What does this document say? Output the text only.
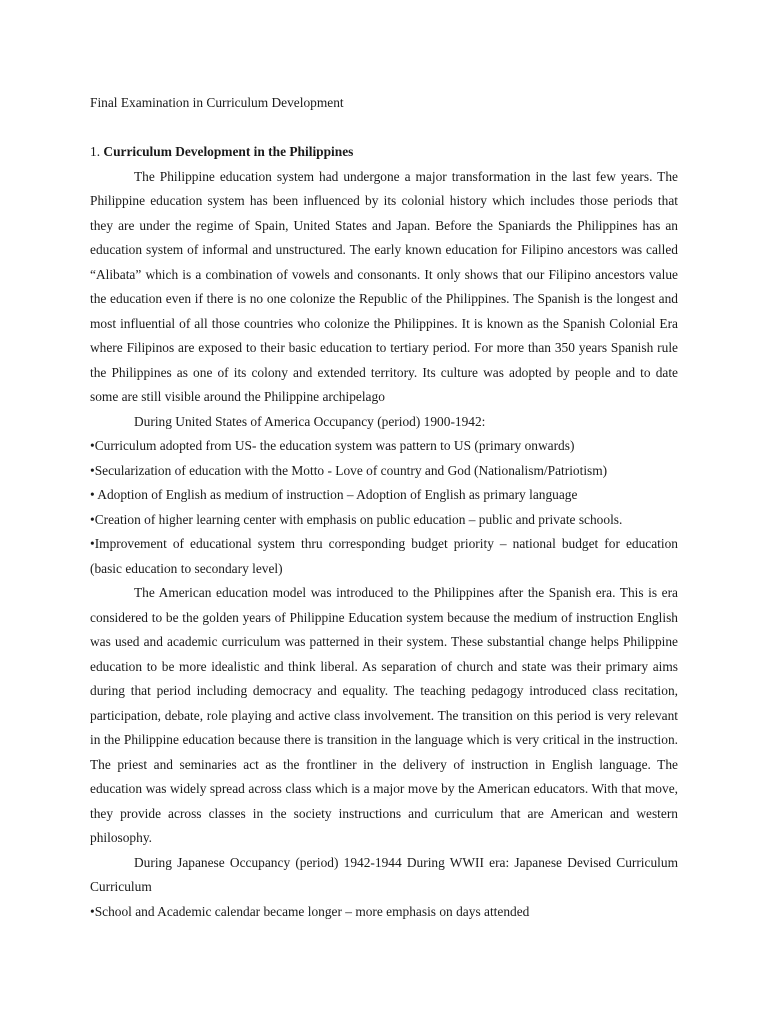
Final Examination in Curriculum Development
1. Curriculum Development in the Philippines

The Philippine education system had undergone a major transformation in the last few years. The Philippine education system has been influenced by its colonial history which includes those periods that they are under the regime of Spain, United States and Japan. Before the Spaniards the Philippines has an education system of informal and unstructured. The early known education for Filipino ancestors was called “Alibata” which is a combination of vowels and consonants. It only shows that our Filipino ancestors value the education even if there is no one colonize the Republic of the Philippines. The Spanish is the longest and most influential of all those countries who colonize the Philippines. It is known as the Spanish Colonial Era where Filipinos are exposed to their basic education to tertiary period. For more than 350 years Spanish rule the Philippines as one of its colony and extended territory. Its culture was adopted by people and to date some are still visible around the Philippine archipelago

During United States of America Occupancy (period) 1900-1942:

•Curriculum adopted from US- the education system was pattern to US (primary onwards)
•Secularization of education with the Motto - Love of country and God (Nationalism/Patriotism)
• Adoption of English as medium of instruction – Adoption of English as primary language
•Creation of higher learning center with emphasis on public education – public and private schools.
•Improvement of educational system thru corresponding budget priority – national budget for education (basic education to secondary level)

The American education model was introduced to the Philippines after the Spanish era. This is era considered to be the golden years of Philippine Education system because the medium of instruction English was used and academic curriculum was patterned in their system. These substantial change helps Philippine education to be more idealistic and think liberal. As separation of church and state was their primary aims during that period including democracy and equality. The teaching pedagogy introduced class recitation, participation, debate, role playing and active class involvement. The transition on this period is very relevant in the Philippine education because there is transition in the language which is very critical in the instruction. The priest and seminaries act as the frontliner in the delivery of instruction in English language. The education was widely spread across class which is a major move by the American educators. With that move, they provide across classes in the society instructions and curriculum that are American and western philosophy.

During Japanese Occupancy (period) 1942-1944 During WWII era: Japanese Devised Curriculum Curriculum

•School and Academic calendar became longer – more emphasis on days attended
